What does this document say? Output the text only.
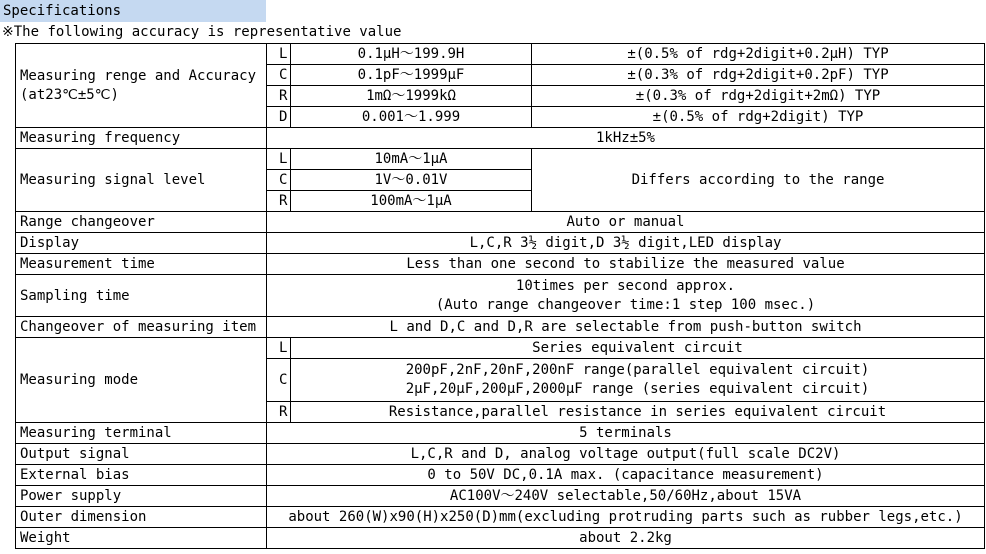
Specifications
※The following accuracy is representative value
Measuring renge and Accuracy
(at23℃±5℃)	L	0.1μH～199.9H	±(0.5% of rdg+2digit+0.2μH) TYP
	C	0.1pF～1999μF	±(0.3% of rdg+2digit+0.2pF) TYP
	R	1mΩ～1999kΩ	±(0.3% of rdg+2digit+2mΩ) TYP
	D	0.001～1.999	±(0.5% of rdg+2digit) TYP
Measuring frequency	1kHz±5%		
Measuring signal level	L	10mA～1μA	Differs according to the range
	C	1V～0.01V	
	R	100mA～1μA	
Range changeover	Auto or manual		
Display	L,C,R 3½ digit,D 3½ digit,LED display		
Measurement time	Less than one second to stabilize the measured value		
Sampling time	10times per second approx.
(Auto range changeover time:1 step 100 msec.)		
Changeover of measuring item	L and D,C and D,R are selectable from push-button switch		
Measuring mode	L	Series equivalent circuit	
	C	200pF,2nF,20nF,200nF range(parallel equivalent circuit)
2μF,20μF,200μF,2000μF range (series equivalent circuit)	
	R	Resistance,parallel resistance in series equivalent circuit	
Measuring terminal	5 terminals		
Output signal	L,C,R and D, analog voltage output(full scale DC2V)		
External bias	0 to 50V DC,0.1A max. (capacitance measurement)		
Power supply	AC100V～240V selectable,50/60Hz,about 15VA		
Outer dimension	about 260(W)x90(H)x250(D)mm(excluding protruding parts such as rubber legs,etc.)		
Weight	about 2.2kg		
